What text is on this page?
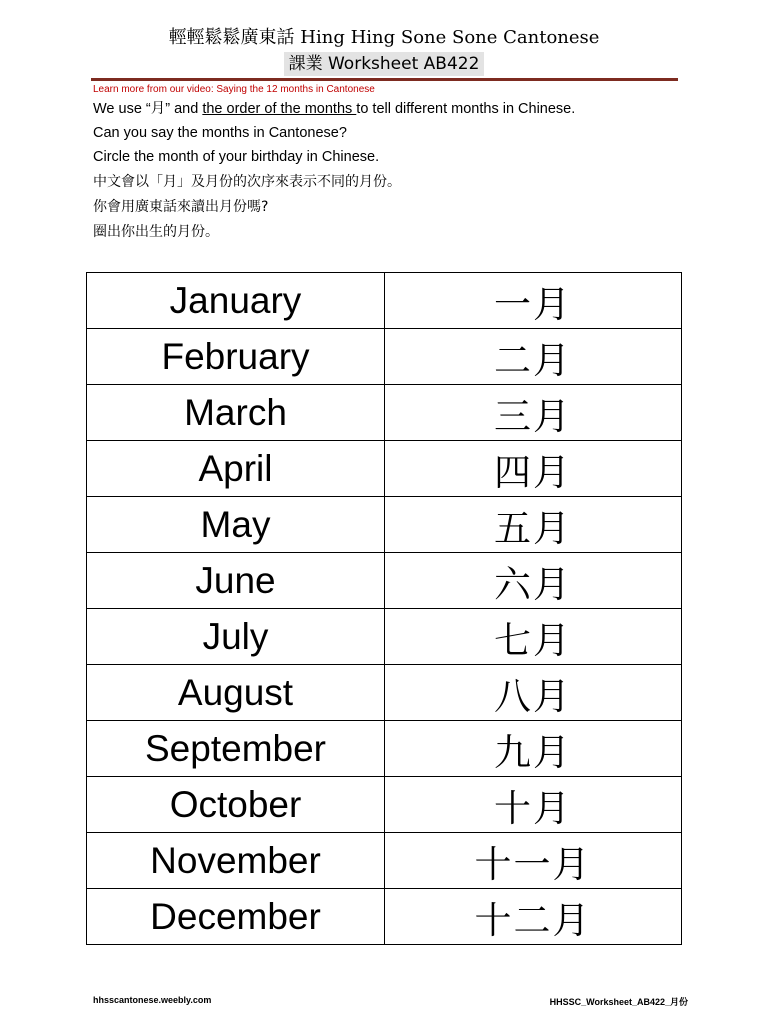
輕輕鬆鬆廣東話 Hing Hing Sone Sone Cantonese
課業 Worksheet AB422
Learn more from our video: Saying the 12 months in Cantonese
We use “月” and the order of the months to tell different months in Chinese.
Can you say the months in Cantonese?
Circle the month of your birthday in Chinese.
中文會以「月」及月份的次序來表示不同的月份。
你會用廣東話來讀出月份嗎?
圈出你出生的月份。
January	一月
February	二月
March	三月
April	四月
May	五月
June	六月
July	七月
August	八月
September	九月
October	十月
November	十一月
December	十二月
hhsscantonese.weebly.com	HHSSC_Worksheet_AB422_月份
